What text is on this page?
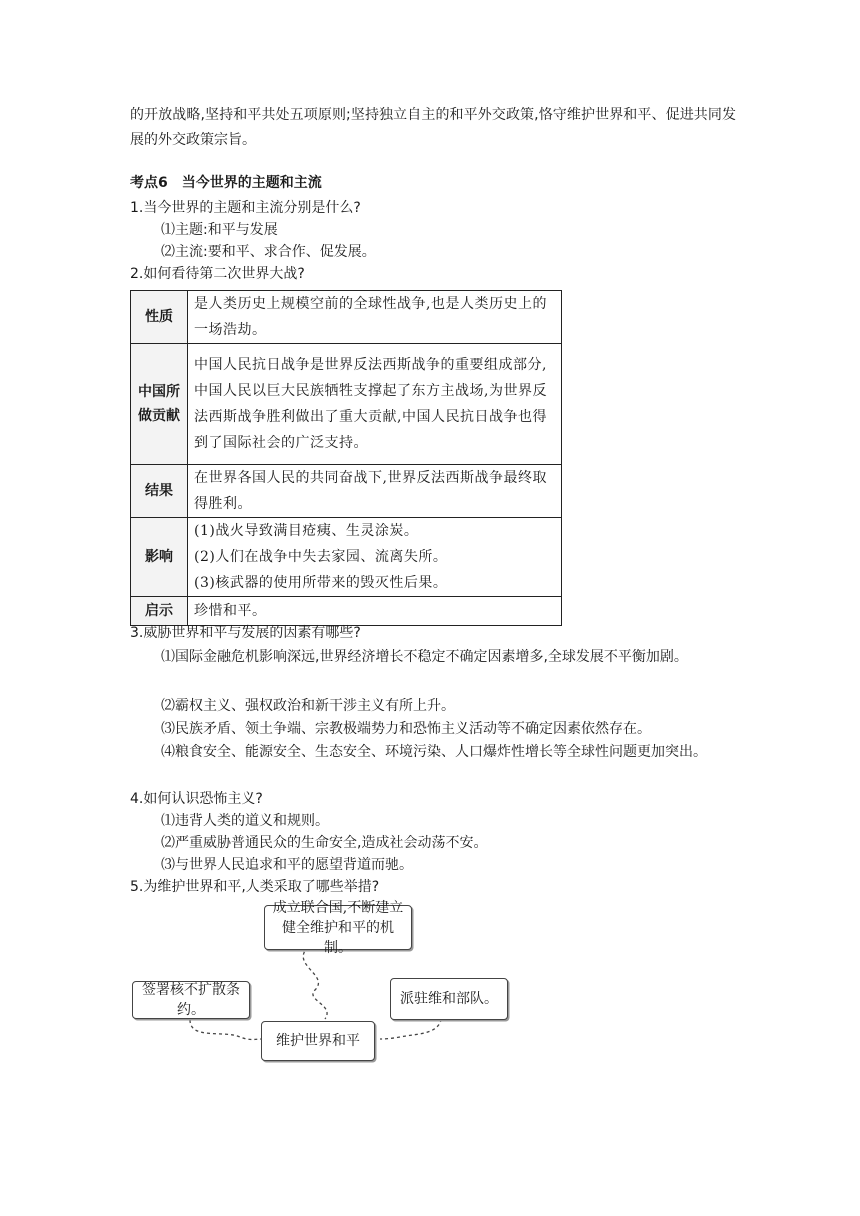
的开放战略,坚持和平共处五项原则;坚持独立自主的和平外交政策,恪守维护世界和平、促进共同发展的外交政策宗旨。
考点6　当今世界的主题和主流
1.当今世界的主题和主流分别是什么?
⑴主题:和平与发展
⑵主流:要和平、求合作、促发展。
2.如何看待第二次世界大战?
性质	是人类历史上规模空前的全球性战争,也是人类历史上的一场浩劫。
中国所做贡献	中国人民抗日战争是世界反法西斯战争的重要组成部分,中国人民以巨大民族牺牲支撑起了东方主战场,为世界反法西斯战争胜利做出了重大贡献,中国人民抗日战争也得到了国际社会的广泛支持。
结果	在世界各国人民的共同奋战下,世界反法西斯战争最终取得胜利。
影响	(1)战火导致满目疮痍、生灵涂炭。
(2)人们在战争中失去家园、流离失所。
(3)核武器的使用所带来的毁灭性后果。

启示	珍惜和平。
3.威胁世界和平与发展的因素有哪些?
⑴国际金融危机影响深远,世界经济增长不稳定不确定因素增多,全球发展不平衡加剧。
⑵霸权主义、强权政治和新干涉主义有所上升。
⑶民族矛盾、领土争端、宗教极端势力和恐怖主义活动等不确定因素依然存在。
⑷粮食安全、能源安全、生态安全、环境污染、人口爆炸性增长等全球性问题更加突出。
4.如何认识恐怖主义?
⑴违背人类的道义和规则。
⑵严重威胁普通民众的生命安全,造成社会动荡不安。
⑶与世界人民追求和平的愿望背道而驰。
5.为维护世界和平,人类采取了哪些举措?
成立联合国,不断建立健全维护和平的机制。
签署核不扩散条约。
派驻维和部队。
维护世界和平
